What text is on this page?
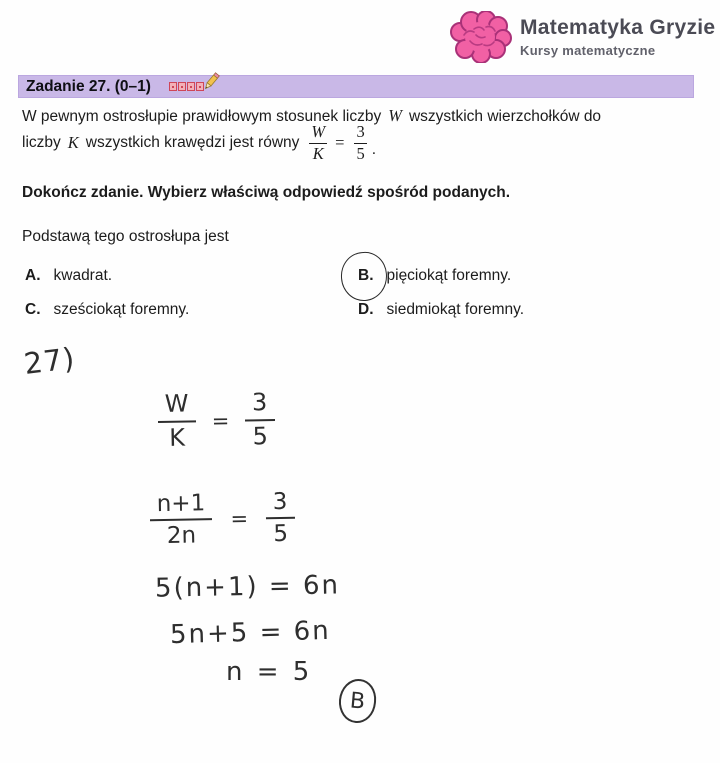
Matematyka Gryzie
Kursy matematyczne
Zadanie 27. (0–1)
W pewnym ostrosłupie prawidłowym stosunek liczby W wszystkich wierzchołków do
liczby K wszystkich krawędzi jest równy $\frac{W}{K} = \frac{3}{5}$ .
Dokończ zdanie. Wybierz właściwą odpowiedź spośród podanych.
Podstawą tego ostrosłupa jest
A. kwadrat.	B. pięciokąt foremny.
C. sześciokąt foremny.	D. siedmiokąt foremny.
27)
$\frac{W}{K} = \frac{3}{5}$
$\frac{n+1}{2n} = \frac{3}{5}$
5(n+1) = 6n
5n+5 = 6n
n = 5
B
